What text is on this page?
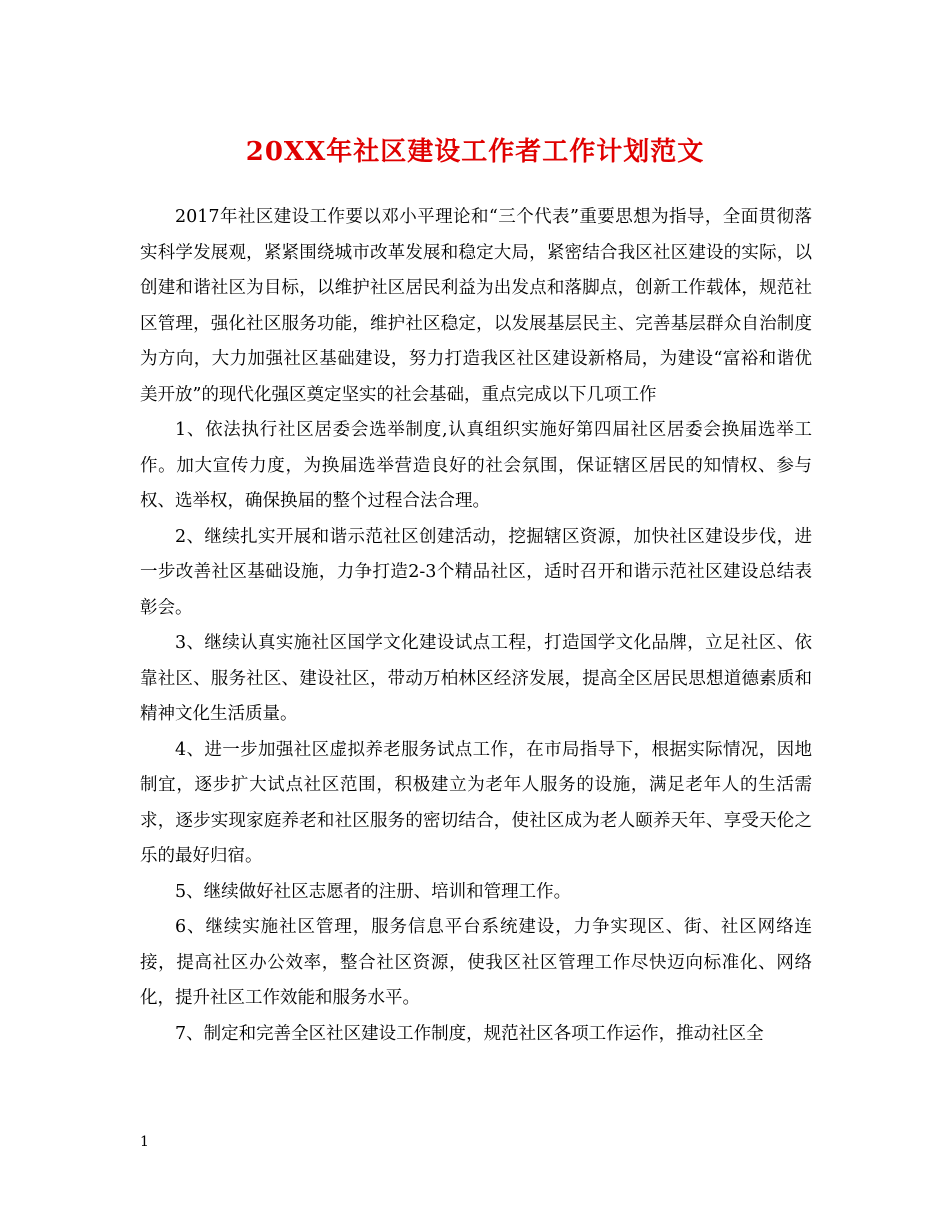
20XX年社区建设工作者工作计划范文

2017年社区建设工作要以邓小平理论和“三个代表”重要思想为指导，全面贯彻落实科学发展观，紧紧围绕城市改革发展和稳定大局，紧密结合我区社区建设的实际，以创建和谐社区为目标，以维护社区居民利益为出发点和落脚点，创新工作载体，规范社区管理，强化社区服务功能，维护社区稳定，以发展基层民主、完善基层群众自治制度为方向，大力加强社区基础建设，努力打造我区社区建设新格局，为建设“富裕和谐优美开放”的现代化强区奠定坚实的社会基础，重点完成以下几项工作

1、依法执行社区居委会选举制度,认真组织实施好第四届社区居委会换届选举工作。加大宣传力度，为换届选举营造良好的社会氛围，保证辖区居民的知情权、参与权、选举权，确保换届的整个过程合法合理。

2、继续扎实开展和谐示范社区创建活动，挖掘辖区资源，加快社区建设步伐，进一步改善社区基础设施，力争打造2-3个精品社区，适时召开和谐示范社区建设总结表彰会。

3、继续认真实施社区国学文化建设试点工程，打造国学文化品牌，立足社区、依靠社区、服务社区、建设社区，带动万柏林区经济发展，提高全区居民思想道德素质和精神文化生活质量。

4、进一步加强社区虚拟养老服务试点工作，在市局指导下，根据实际情况，因地制宜，逐步扩大试点社区范围，积极建立为老年人服务的设施，满足老年人的生活需求，逐步实现家庭养老和社区服务的密切结合，使社区成为老人颐养天年、享受天伦之乐的最好归宿。

5、继续做好社区志愿者的注册、培训和管理工作。

6、继续实施社区管理，服务信息平台系统建设，力争实现区、街、社区网络连接，提高社区办公效率，整合社区资源，使我区社区管理工作尽快迈向标准化、网络化，提升社区工作效能和服务水平。

7、制定和完善全区社区建设工作制度，规范社区各项工作运作，推动社区全

1
